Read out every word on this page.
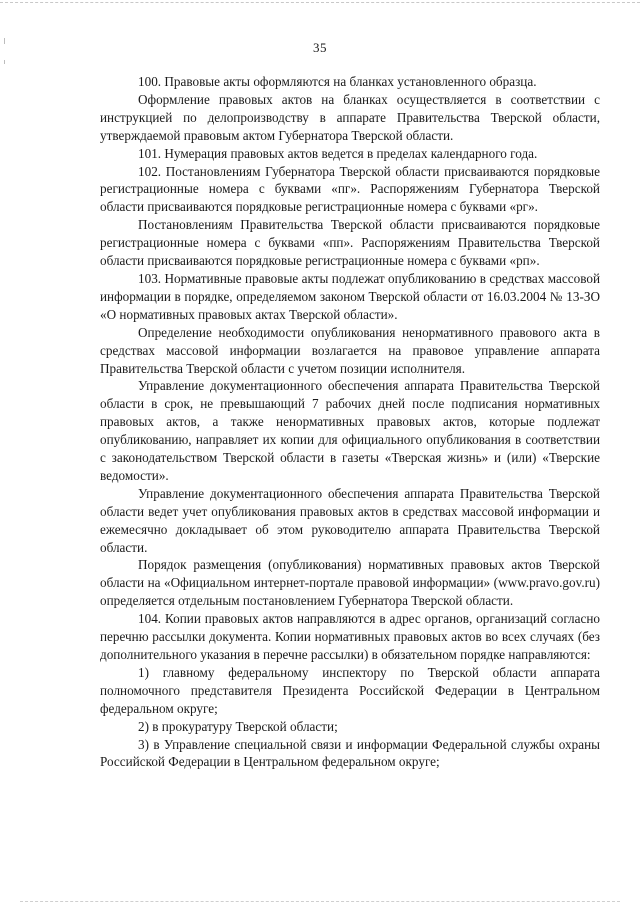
35

100. Правовые акты оформляются на бланках установленного образца.

Оформление правовых актов на бланках осуществляется в соответствии с инструкцией по делопроизводству в аппарате Правительства Тверской области, утверждаемой правовым актом Губернатора Тверской области.

101. Нумерация правовых актов ведется в пределах календарного года.

102. Постановлениям Губернатора Тверской области присваиваются порядковые регистрационные номера с буквами «пг». Распоряжениям Губернатора Тверской области присваиваются порядковые регистрационные номера с буквами «рг».

Постановлениям Правительства Тверской области присваиваются порядковые регистрационные номера с буквами «пп». Распоряжениям Правительства Тверской области присваиваются порядковые регистрационные номера с буквами «рп».

103. Нормативные правовые акты подлежат опубликованию в средствах массовой информации в порядке, определяемом законом Тверской области от 16.03.2004 № 13-ЗО «О нормативных правовых актах Тверской области».

Определение необходимости опубликования ненормативного правового акта в средствах массовой информации возлагается на правовое управление аппарата Правительства Тверской области с учетом позиции исполнителя.

Управление документационного обеспечения аппарата Правительства Тверской области в срок, не превышающий 7 рабочих дней после подписания нормативных правовых актов, а также ненормативных правовых актов, которые подлежат опубликованию, направляет их копии для официального опубликования в соответствии с законодательством Тверской области в газеты «Тверская жизнь» и (или) «Тверские ведомости».

Управление документационного обеспечения аппарата Правительства Тверской области ведет учет опубликования правовых актов в средствах массовой информации и ежемесячно докладывает об этом руководителю аппарата Правительства Тверской области.

Порядок размещения (опубликования) нормативных правовых актов Тверской области на «Официальном интернет-портале правовой информации» (www.pravo.gov.ru) определяется отдельным постановлением Губернатора Тверской области.

104. Копии правовых актов направляются в адрес органов, организаций согласно перечню рассылки документа. Копии нормативных правовых актов во всех случаях (без дополнительного указания в перечне рассылки) в обязательном порядке направляются:

1) главному федеральному инспектору по Тверской области аппарата полномочного представителя Президента Российской Федерации в Центральном федеральном округе;

2) в прокуратуру Тверской области;

3) в Управление специальной связи и информации Федеральной службы охраны Российской Федерации в Центральном федеральном округе;
